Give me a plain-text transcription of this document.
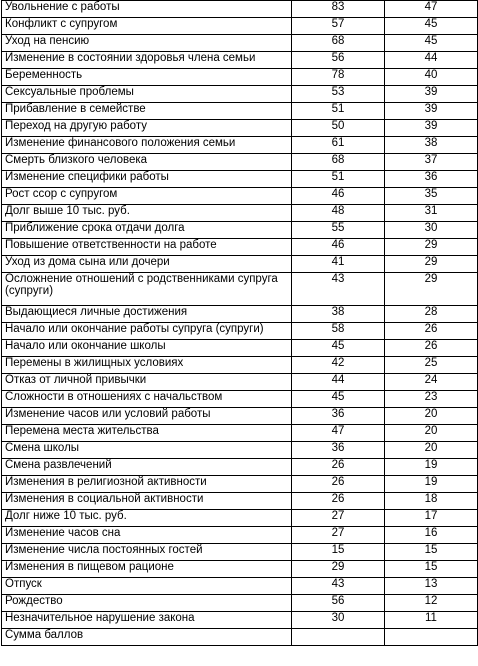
Увольнение с работы	83	47
Конфликт с супругом	57	45
Уход на пенсию	68	45
Изменение в состоянии здоровья члена семьи	56	44
Беременность	78	40
Сексуальные проблемы	53	39
Прибавление в семействе	51	39
Переход на другую работу	50	39
Изменение финансового положения семьи	61	38
Смерть близкого человека	68	37
Изменение специфики работы	51	36
Рост ссор с супругом	46	35
Долг выше 10 тыс. руб.	48	31
Приближение срока отдачи долга	55	30
Повышение ответственности на работе	46	29
Уход из дома сына или дочери	41	29
Осложнение отношений с родственниками супруга (супруги)	43	29
Выдающиеся личные достижения	38	28
Начало или окончание работы супруга (супруги)	58	26
Начало или окончание школы	45	26
Перемены в жилищных условиях	42	25
Отказ от личной привычки	44	24
Сложности в отношениях с начальством	45	23
Изменение часов или условий работы	36	20
Перемена места жительства	47	20
Смена школы	36	20
Смена развлечений	26	19
Изменения в религиозной активности	26	19
Изменения в социальной активности	26	18
Долг ниже 10 тыс. руб.	27	17
Изменение часов сна	27	16
Изменение числа постоянных гостей	15	15
Изменения в пищевом рационе	29	15
Отпуск	43	13
Рождество	56	12
Незначительное нарушение закона	30	11
Сумма баллов		
